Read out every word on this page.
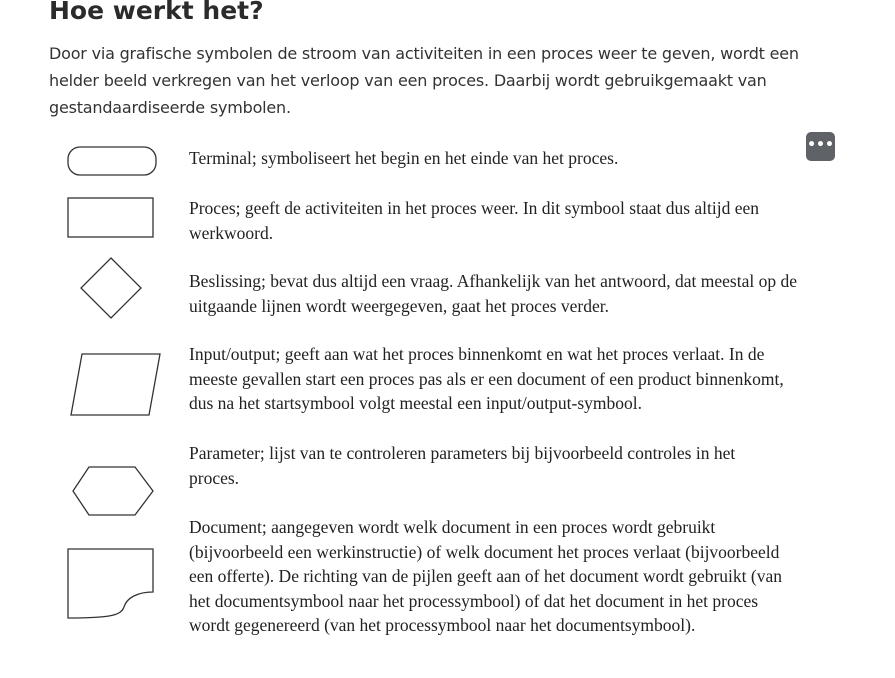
Hoe werkt het?

Door via grafische symbolen de stroom van activiteiten in een proces weer te geven, wordt een helder beeld verkregen van het verloop van een proces. Daarbij wordt gebruikgemaakt van gestandaardiseerde symbolen.

•••

Terminal; symboliseert het begin en het einde van het proces.

Proces; geeft de activiteiten in het proces weer. In dit symbool staat dus altijd een werkwoord.

Beslissing; bevat dus altijd een vraag. Afhankelijk van het antwoord, dat meestal op de uitgaande lijnen wordt weergegeven, gaat het proces verder.

Input/output; geeft aan wat het proces binnenkomt en wat het proces verlaat. In de meeste gevallen start een proces pas als er een document of een product binnenkomt, dus na het startsymbool volgt meestal een input/output-symbool.

Parameter; lijst van te controleren parameters bij bijvoorbeeld controles in het proces.

Document; aangegeven wordt welk document in een proces wordt gebruikt (bijvoorbeeld een werkinstructie) of welk document het proces verlaat (bijvoorbeeld een offerte). De richting van de pijlen geeft aan of het document wordt gebruikt (van het documentsymbool naar het processymbool) of dat het document in het proces wordt gegenereerd (van het processymbool naar het documentsymbool).
